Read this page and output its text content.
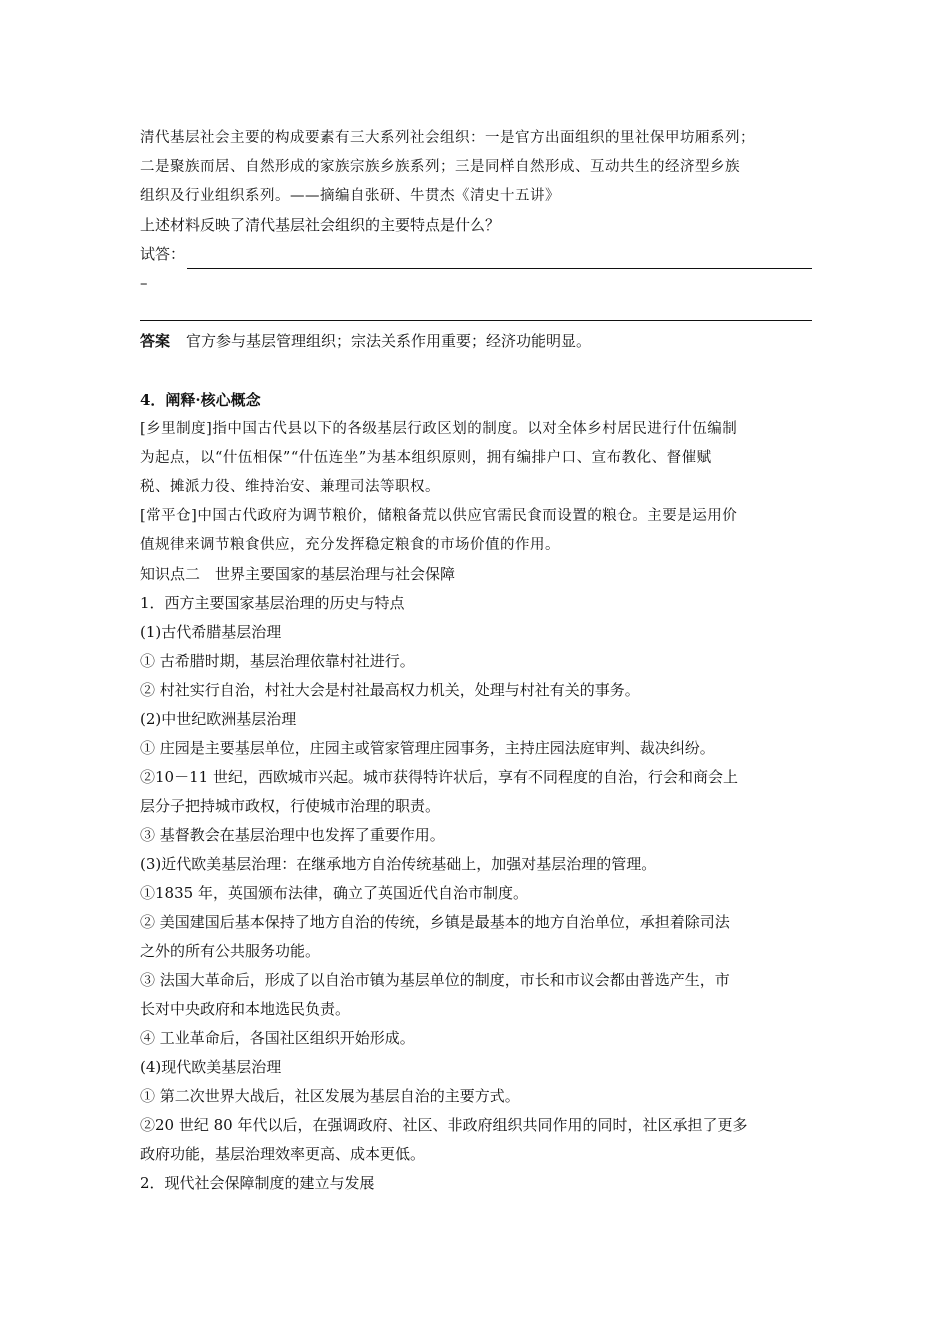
清代基层社会主要的构成要素有三大系列社会组织：一是官方出面组织的里社保甲坊厢系列；
二是聚族而居、自然形成的家族宗族乡族系列；三是同样自然形成、互动共生的经济型乡族
组织及行业组织系列。——摘编自张研、牛贯杰《清史十五讲》
上述材料反映了清代基层社会组织的主要特点是什么？
试答：
–
答案 官方参与基层管理组织；宗法关系作用重要；经济功能明显。
4．阐释·核心概念
[乡里制度]指中国古代县以下的各级基层行政区划的制度。以对全体乡村居民进行什伍编制
为起点，以“什伍相保”“什伍连坐”为基本组织原则，拥有编排户口、宣布教化、督催赋
税、摊派力役、维持治安、兼理司法等职权。
[常平仓]中国古代政府为调节粮价，储粮备荒以供应官需民食而设置的粮仓。主要是运用价
值规律来调节粮食供应，充分发挥稳定粮食的市场价值的作用。
知识点二　世界主要国家的基层治理与社会保障
1．西方主要国家基层治理的历史与特点
(1)古代希腊基层治理
① 古希腊时期，基层治理依靠村社进行。
② 村社实行自治，村社大会是村社最高权力机关，处理与村社有关的事务。
(2)中世纪欧洲基层治理
① 庄园是主要基层单位，庄园主或管家管理庄园事务，主持庄园法庭审判、裁决纠纷。
②10－11 世纪，西欧城市兴起。城市获得特许状后，享有不同程度的自治，行会和商会上
层分子把持城市政权，行使城市治理的职责。
③ 基督教会在基层治理中也发挥了重要作用。
(3)近代欧美基层治理：在继承地方自治传统基础上，加强对基层治理的管理。
①1835 年，英国颁布法律，确立了英国近代自治市制度。
② 美国建国后基本保持了地方自治的传统，乡镇是最基本的地方自治单位，承担着除司法
之外的所有公共服务功能。
③ 法国大革命后，形成了以自治市镇为基层单位的制度，市长和市议会都由普选产生，市
长对中央政府和本地选民负责。
④ 工业革命后，各国社区组织开始形成。
(4)现代欧美基层治理
① 第二次世界大战后，社区发展为基层自治的主要方式。
②20 世纪 80 年代以后，在强调政府、社区、非政府组织共同作用的同时，社区承担了更多
政府功能，基层治理效率更高、成本更低。
2．现代社会保障制度的建立与发展
